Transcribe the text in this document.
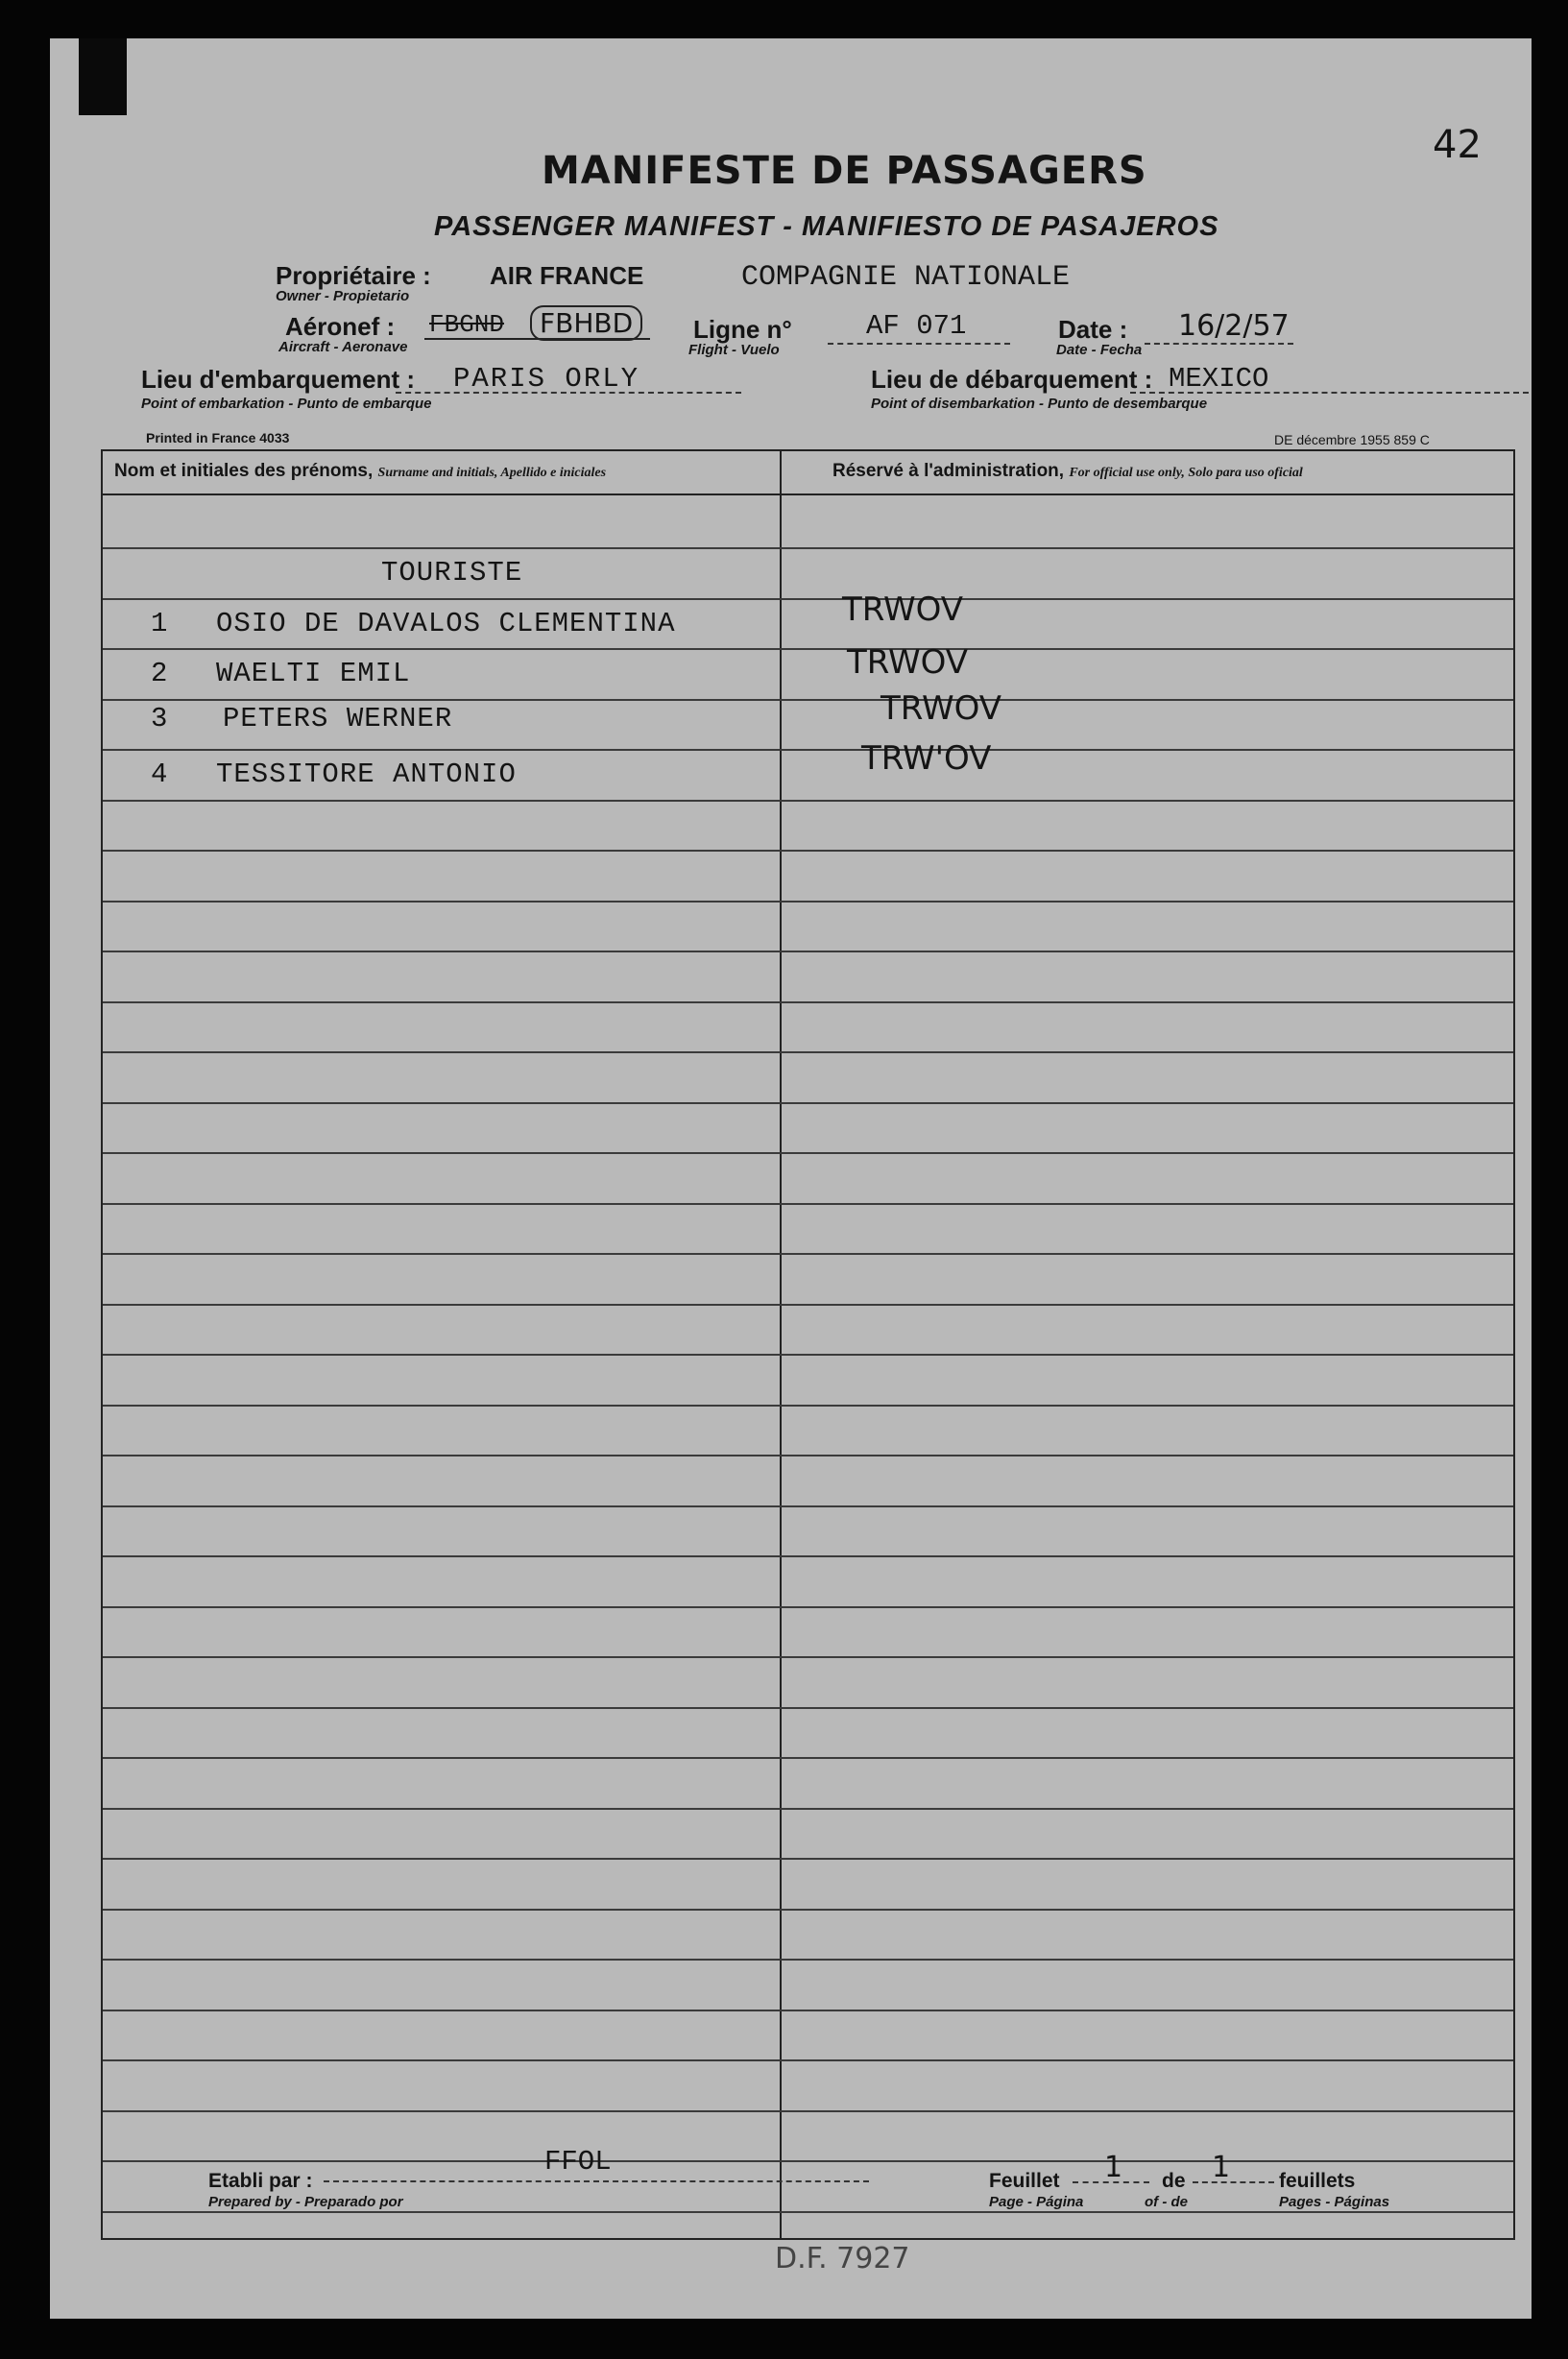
42
MANIFESTE DE PASSAGERS
PASSENGER MANIFEST - MANIFIESTO DE PASAJEROS
Propriétaire : AIR FRANCE
Owner - Propietario
COMPAGNIE NATIONALE
Aéronef :
Aircraft - Aeronave
FBGND	FBHBD	Ligne n°
Flight - Vuelo
AF 071	Date :
Date - Fecha
16/2/57
Lieu d'embarquement :
Point of embarkation - Punto de embarque
PARIS ORLY	Lieu de débarquement :
Point of disembarkation - Punto de desembarque
MEXICO
Printed in France 4033	DE décembre 1955 859 C
Nom et initiales des prénoms, Surname and initials, Apellido e iniciales	Réservé à l'administration, For official use only, Solo para uso oficial
TOURISTE
1 OSIO DE DAVALOS CLEMENTINA	TRWOV
2 WAELTI EMIL	TRWOV
3 PETERS WERNER	TRWOV
4 TESSITORE ANTONIO	TRW'OV
Etabli par :
Prepared by - Preparado por
FFOL
Feuillet
Page - Página
1 de
of - de
1 feuillets
Pages - Páginas
D.F. 7927
